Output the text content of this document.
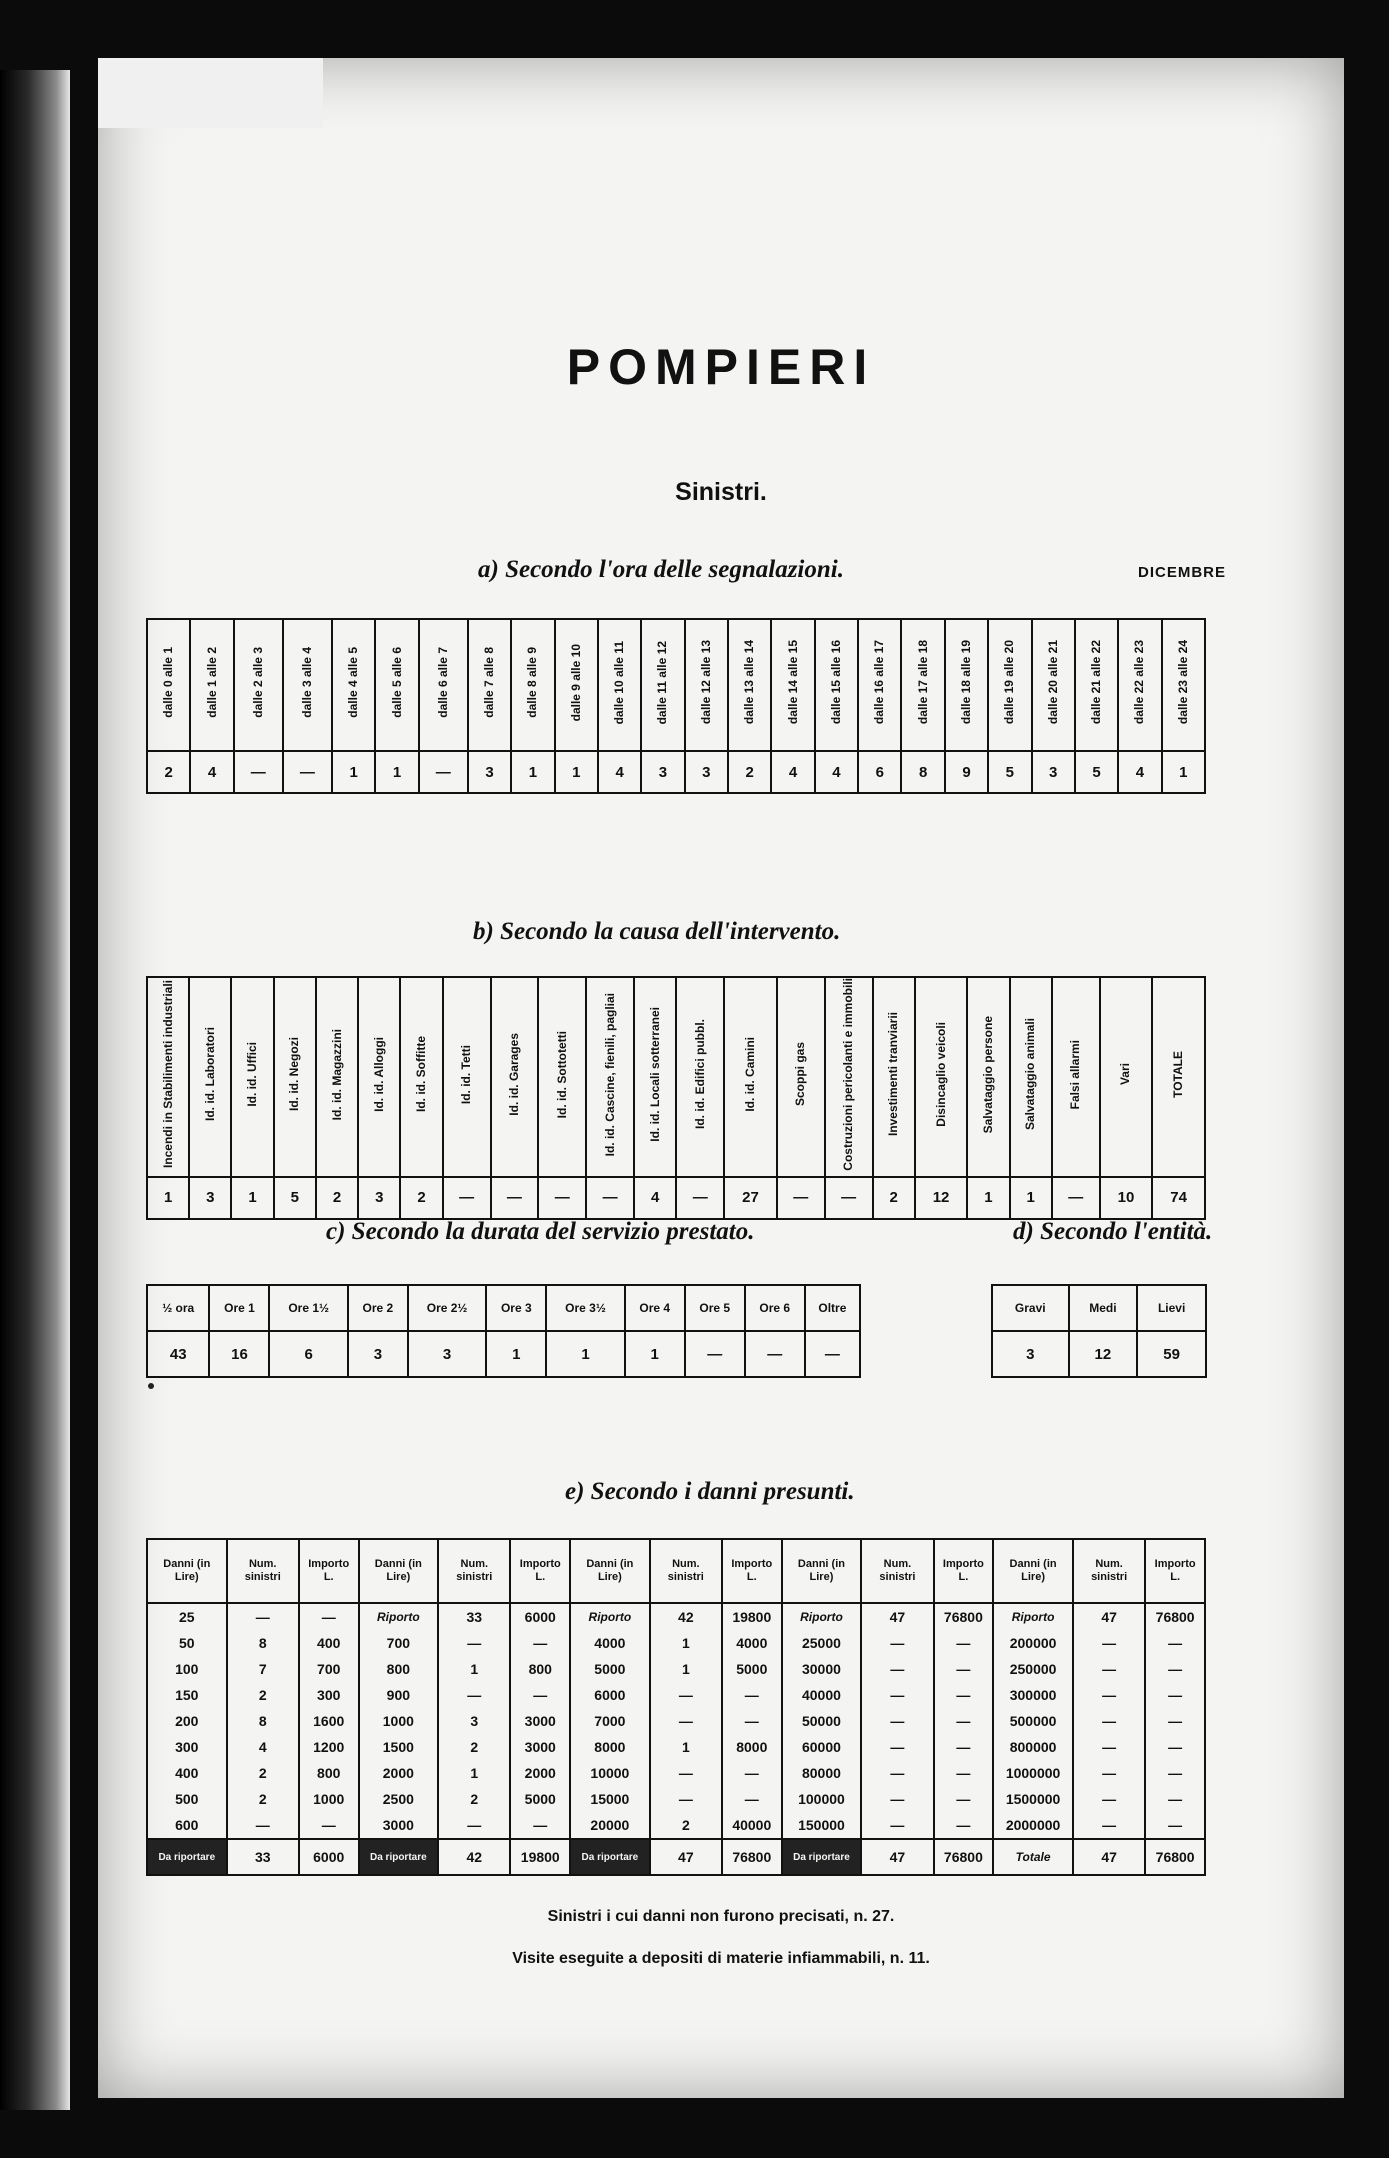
POMPIERI
Sinistri.
a) Secondo l'ora delle segnalazioni.	DICEMBRE
dalle 0 alle 1	dalle 1 alle 2	dalle 2 alle 3	dalle 3 alle 4	dalle 4 alle 5	dalle 5 alle 6	dalle 6 alle 7	dalle 7 alle 8	dalle 8 alle 9	dalle 9 alle 10	dalle 10 alle 11	dalle 11 alle 12	dalle 12 alle 13	dalle 13 alle 14	dalle 14 alle 15	dalle 15 alle 16	dalle 16 alle 17	dalle 17 alle 18	dalle 18 alle 19	dalle 19 alle 20	dalle 20 alle 21	dalle 21 alle 22	dalle 22 alle 23	dalle 23 alle 24
2	4	—	—	1	1	—	3	1	1	4	3	3	2	4	4	6	8	9	5	3	5	4	1
b) Secondo la causa dell'intervento.
Incendi in Stabilimenti industriali	Id. id. Laboratori	Id. id. Uffici	Id. id. Negozi	Id. id. Magazzini	Id. id. Alloggi	Id. id. Soffitte	Id. id. Tetti	Id. id. Garages	Id. id. Sottotetti	Id. id. Cascine, fienili, pagliai	Id. id. Locali sotterranei	Id. id. Edifici pubbl.	Id. id. Camini	Scoppi gas	Costruzioni pericolanti e immobili	Investimenti tranviarii	Disincaglio veicoli	Salvataggio persone	Salvataggio animali	Falsi allarmi	Vari	TOTALE
1	3	1	5	2	3	2	—	—	—	—	4	—	27	—	—	2	12	1	1	—	10	74
c) Secondo la durata del servizio prestato.
½ ora	Ore 1	Ore 1½	Ore 2	Ore 2½	Ore 3	Ore 3½	Ore 4	Ore 5	Ore 6	Oltre
43	16	6	3	3	1	1	1	—	—	—
d) Secondo l'entità.
Gravi	Medi	Lievi
3	12	59
e) Secondo i danni presunti.
Danni (in Lire)	Num. sinistri	Importo L.	Danni (in Lire)	Num. sinistri	Importo L.	Danni (in Lire)	Num. sinistri	Importo L.	Danni (in Lire)	Num. sinistri	Importo L.	Danni (in Lire)	Num. sinistri	Importo L.
25	—	—	Riporto	33	6000	Riporto	42	19800	Riporto	47	76800	Riporto	47	76800
50	8	400	700	—	—	4000	1	4000	25000	—	—	200000	—	—
100	7	700	800	1	800	5000	1	5000	30000	—	—	250000	—	—
150	2	300	900	—	—	6000	—	—	40000	—	—	300000	—	—
200	8	1600	1000	3	3000	7000	—	—	50000	—	—	500000	—	—
300	4	1200	1500	2	3000	8000	1	8000	60000	—	—	800000	—	—
400	2	800	2000	1	2000	10000	—	—	80000	—	—	1000000	—	—
500	2	1000	2500	2	5000	15000	—	—	100000	—	—	1500000	—	—
600	—	—	3000	—	—	20000	2	40000	150000	—	—	2000000	—	—
Da riportare	33	6000	Da riportare	42	19800	Da riportare	47	76800	Da riportare	47	76800	Totale	47	76800
Sinistri i cui danni non furono precisati, n. 27.
Visite eseguite a depositi di materie infiammabili, n. 11.
